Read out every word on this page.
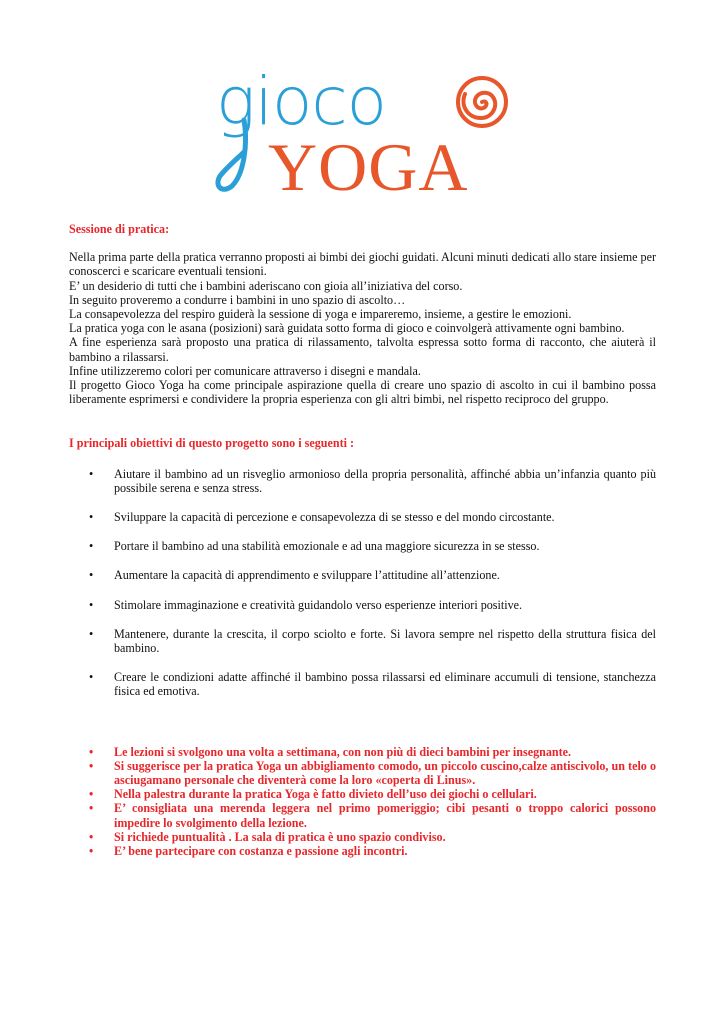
gioco
YOGA

Sessione di pratica:

Nella prima parte della pratica verranno proposti ai bimbi dei giochi guidati. Alcuni minuti dedicati allo stare insieme per conoscerci e scaricare eventuali tensioni.

E’ un desiderio di tutti che i bambini aderiscano con gioia all’iniziativa del corso.

In seguito proveremo a condurre i bambini in uno spazio di ascolto…

La consapevolezza del respiro guiderà la sessione di yoga e impareremo, insieme, a gestire le emozioni.

La pratica yoga con le asana (posizioni) sarà guidata sotto forma di gioco e coinvolgerà attivamente ogni bambino.

A fine esperienza sarà proposto una pratica di rilassamento, talvolta espressa sotto forma di racconto, che aiuterà il bambino a rilassarsi.

Infine utilizzeremo colori per comunicare attraverso i disegni e mandala.

Il progetto Gioco Yoga ha come principale aspirazione quella di creare uno spazio di ascolto in cui il bambino possa liberamente esprimersi e condividere la propria esperienza con gli altri bimbi, nel rispetto reciproco del gruppo.

I principali obiettivi di questo progetto sono i seguenti :

• Aiutare il bambino ad un risveglio armonioso della propria personalità, affinché abbia un’infanzia quanto più possibile serena e senza stress.
• Sviluppare la capacità di percezione e consapevolezza di se stesso e del mondo circostante.
• Portare il bambino ad una stabilità emozionale e ad una maggiore sicurezza in se stesso.
• Aumentare la capacità di apprendimento e sviluppare l’attitudine all’attenzione.
• Stimolare immaginazione e creatività guidandolo verso esperienze interiori positive.
• Mantenere, durante la crescita, il corpo sciolto e forte. Si lavora sempre nel rispetto della struttura fisica del bambino.
• Creare le condizioni adatte affinché il bambino possa rilassarsi ed eliminare accumuli di tensione, stanchezza fisica ed emotiva.
• Le lezioni si svolgono una volta a settimana, con non più di dieci bambini per insegnante.
• Si suggerisce per la pratica Yoga un abbigliamento comodo, un piccolo cuscino,calze antiscivolo, un telo o asciugamano personale che diventerà come la loro «coperta di Linus».
• Nella palestra durante la pratica Yoga è fatto divieto dell’uso dei giochi o cellulari.
• E’ consigliata una merenda leggera nel primo pomeriggio; cibi pesanti o troppo calorici possono impedire lo svolgimento della lezione.
• Si richiede puntualità . La sala di pratica è uno spazio condiviso.
• E’ bene partecipare con costanza e passione agli incontri.
